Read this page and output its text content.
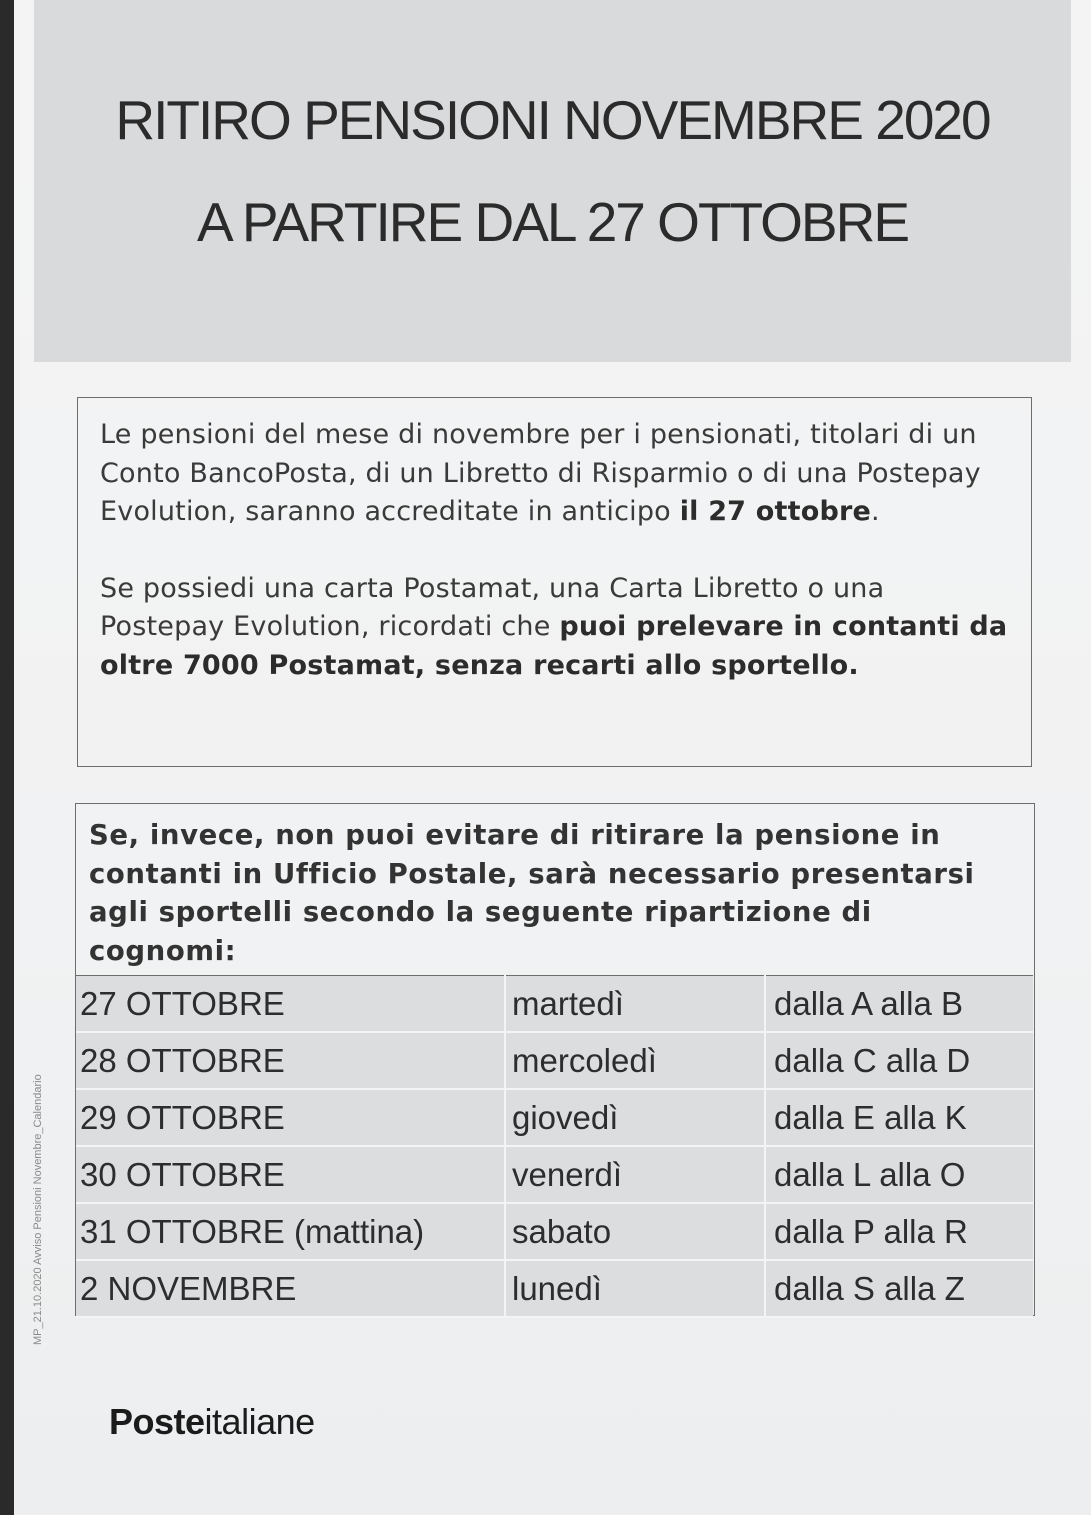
RITIRO PENSIONI NOVEMBRE 2020
A PARTIRE DAL 27 OTTOBRE

Le pensioni del mese di novembre per i pensionati, titolari di un Conto BancoPosta, di un Libretto di Risparmio o di una Postepay Evolution, saranno accreditate in anticipo il 27 ottobre.

Se possiedi una carta Postamat, una Carta Libretto o una Postepay Evolution, ricordati che puoi prelevare in contanti da oltre 7000 Postamat, senza recarti allo sportello.

Se, invece, non puoi evitare di ritirare la pensione in contanti in Ufficio Postale, sarà necessario presentarsi agli sportelli secondo la seguente ripartizione di cognomi:

27 OTTOBRE	martedì	dalla A alla B
28 OTTOBRE	mercoledì	dalla C alla D
29 OTTOBRE	giovedì	dalla E alla K
30 OTTOBRE	venerdì	dalla L alla O
31 OTTOBRE (mattina)	sabato	dalla P alla R
2 NOVEMBRE	lunedì	dalla S alla Z
MP_21.10.2020 Avviso Pensioni Novembre_Calendario
Posteitaliane
